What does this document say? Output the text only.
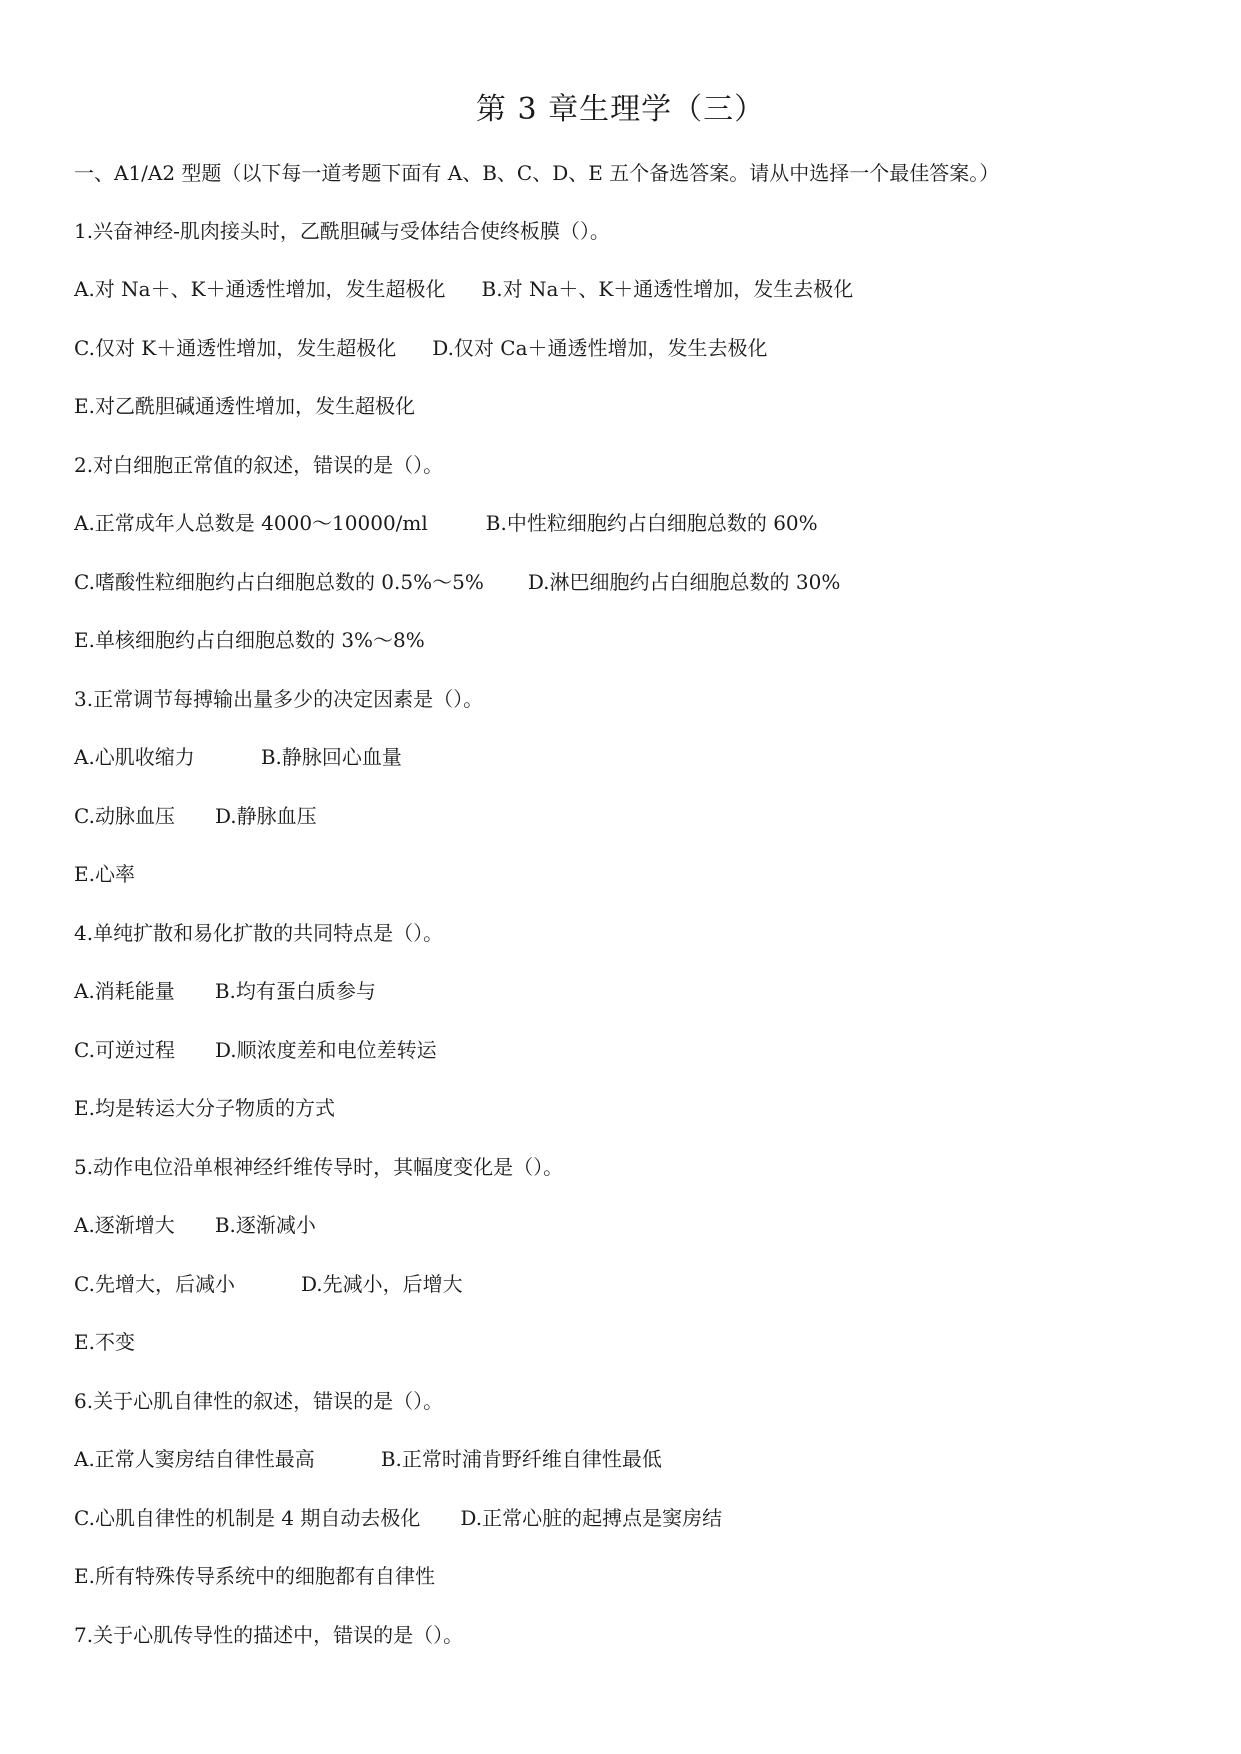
第 3 章生理学（三）
一、A1/A2 型题（以下每一道考题下面有 A、B、C、D、E 五个备选答案。请从中选择一个最佳答案。）
1.兴奋神经-肌肉接头时，乙酰胆碱与受体结合使终板膜（）。
A.对 Na＋、K＋通透性增加，发生超极化 B.对 Na＋、K＋通透性增加，发生去极化
C.仅对 K＋通透性增加，发生超极化 D.仅对 Ca＋通透性增加，发生去极化
E.对乙酰胆碱通透性增加，发生超极化
2.对白细胞正常值的叙述，错误的是（）。
A.正常成年人总数是 4000～10000/ml	B.中性粒细胞约占白细胞总数的 60%
C.嗜酸性粒细胞约占白细胞总数的 0.5%～5% D.淋巴细胞约占白细胞总数的 30%
E.单核细胞约占白细胞总数的 3%～8%
3.正常调节每搏输出量多少的决定因素是（）。
A.心肌收缩力	B.静脉回心血量
C.动脉血压 D.静脉血压
E.心率
4.单纯扩散和易化扩散的共同特点是（）。
A.消耗能量 B.均有蛋白质参与
C.可逆过程 D.顺浓度差和电位差转运
E.均是转运大分子物质的方式
5.动作电位沿单根神经纤维传导时，其幅度变化是（）。
A.逐渐增大 B.逐渐减小
C.先增大，后减小	D.先减小，后增大
E.不变
6.关于心肌自律性的叙述，错误的是（）。
A.正常人窦房结自律性最高	B.正常时浦肯野纤维自律性最低
C.心肌自律性的机制是 4 期自动去极化 D.正常心脏的起搏点是窦房结
E.所有特殊传导系统中的细胞都有自律性
7.关于心肌传导性的描述中，错误的是（）。
